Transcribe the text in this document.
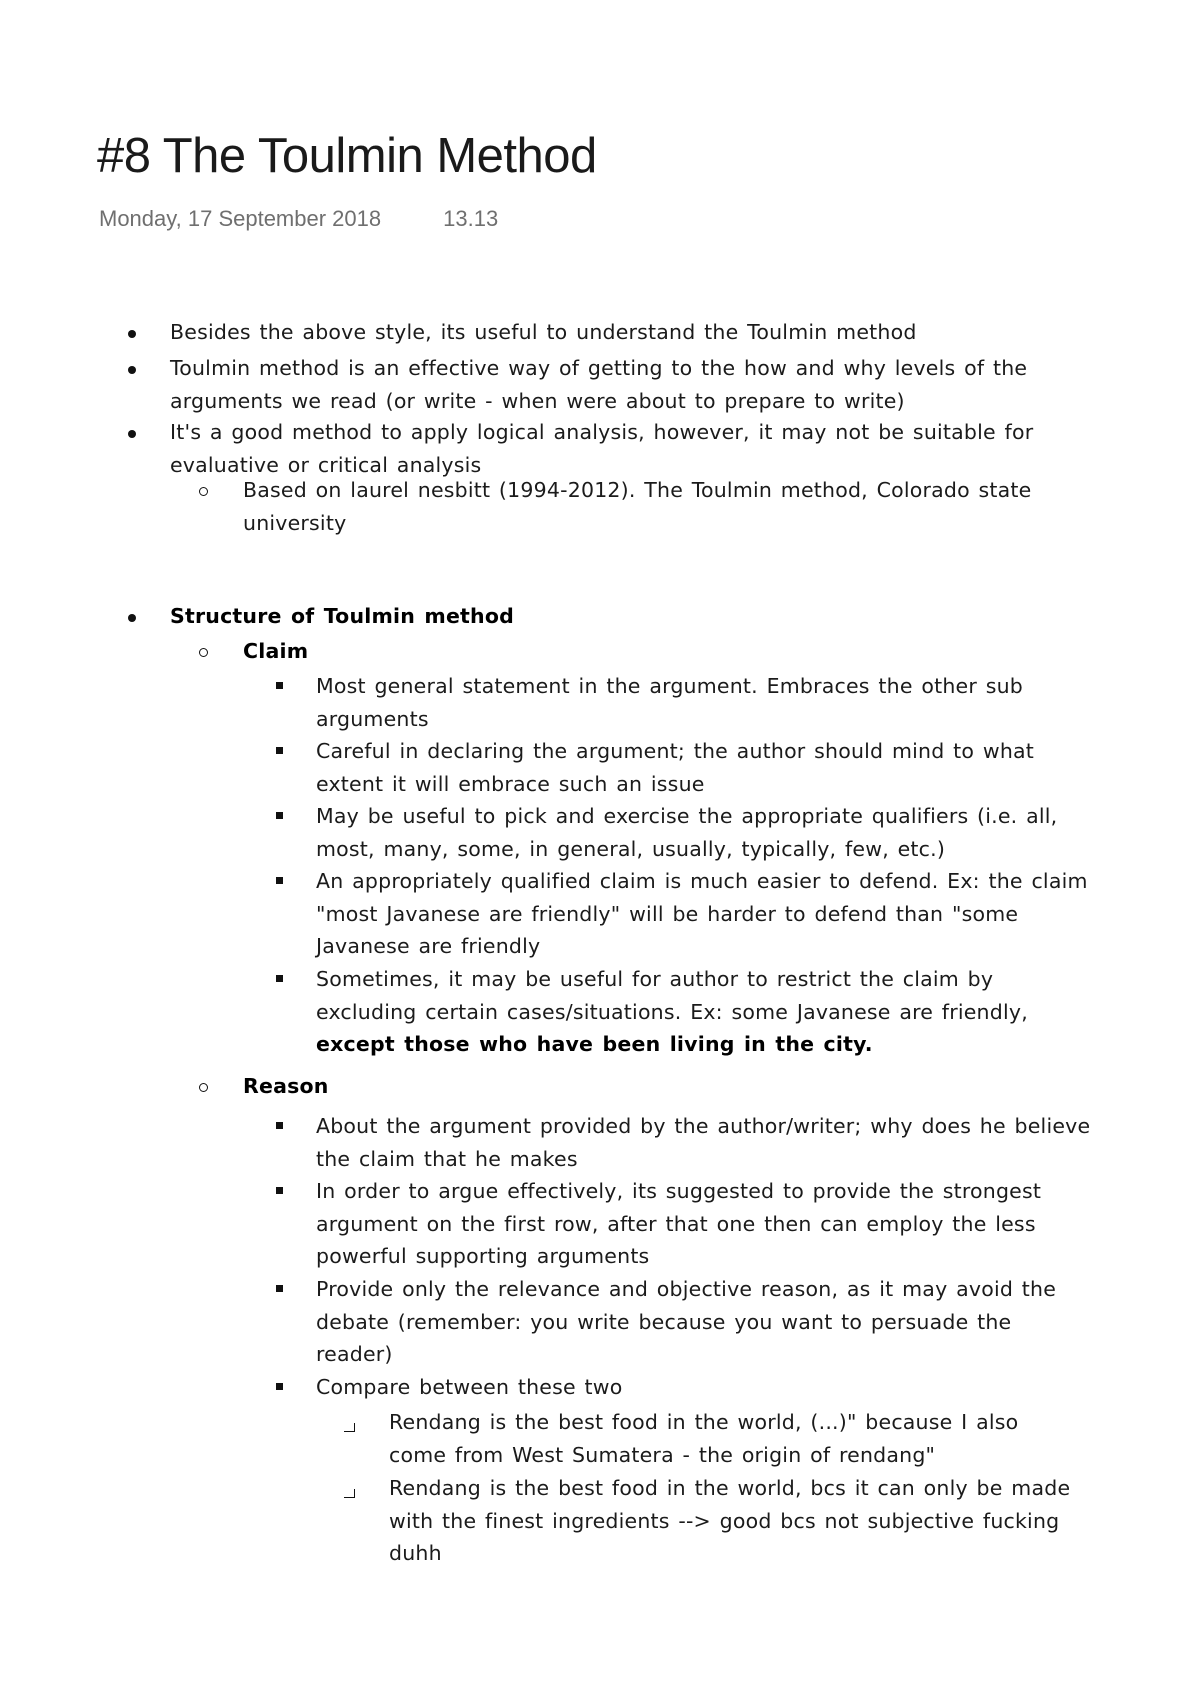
#8 The Toulmin Method
Monday, 17 September 2018	13.13
Besides the above style, its useful to understand the Toulmin method
Toulmin method is an effective way of getting to the how and why levels of the arguments we read (or write - when were about to prepare to write)
It's a good method to apply logical analysis, however, it may not be suitable for evaluative or critical analysis
Based on laurel nesbitt (1994-2012). The Toulmin method, Colorado state university
Structure of Toulmin method
Claim
Most general statement in the argument. Embraces the other sub arguments
Careful in declaring the argument; the author should mind to what extent it will embrace such an issue
May be useful to pick and exercise the appropriate qualifiers (i.e. all, most, many, some, in general, usually, typically, few, etc.)
An appropriately qualified claim is much easier to defend. Ex: the claim "most Javanese are friendly" will be harder to defend than "some Javanese are friendly
Sometimes, it may be useful for author to restrict the claim by excluding certain cases/situations. Ex: some Javanese are friendly, except those who have been living in the city.
Reason
About the argument provided by the author/writer; why does he believe the claim that he makes
In order to argue effectively, its suggested to provide the strongest argument on the first row, after that one then can employ the less powerful supporting arguments
Provide only the relevance and objective reason, as it may avoid the debate (remember: you write because you want to persuade the reader)
Compare between these two
Rendang is the best food in the world, (...)" because I also come from West Sumatera - the origin of rendang"
Rendang is the best food in the world, bcs it can only be made with the finest ingredients --> good bcs not subjective fucking duhh
